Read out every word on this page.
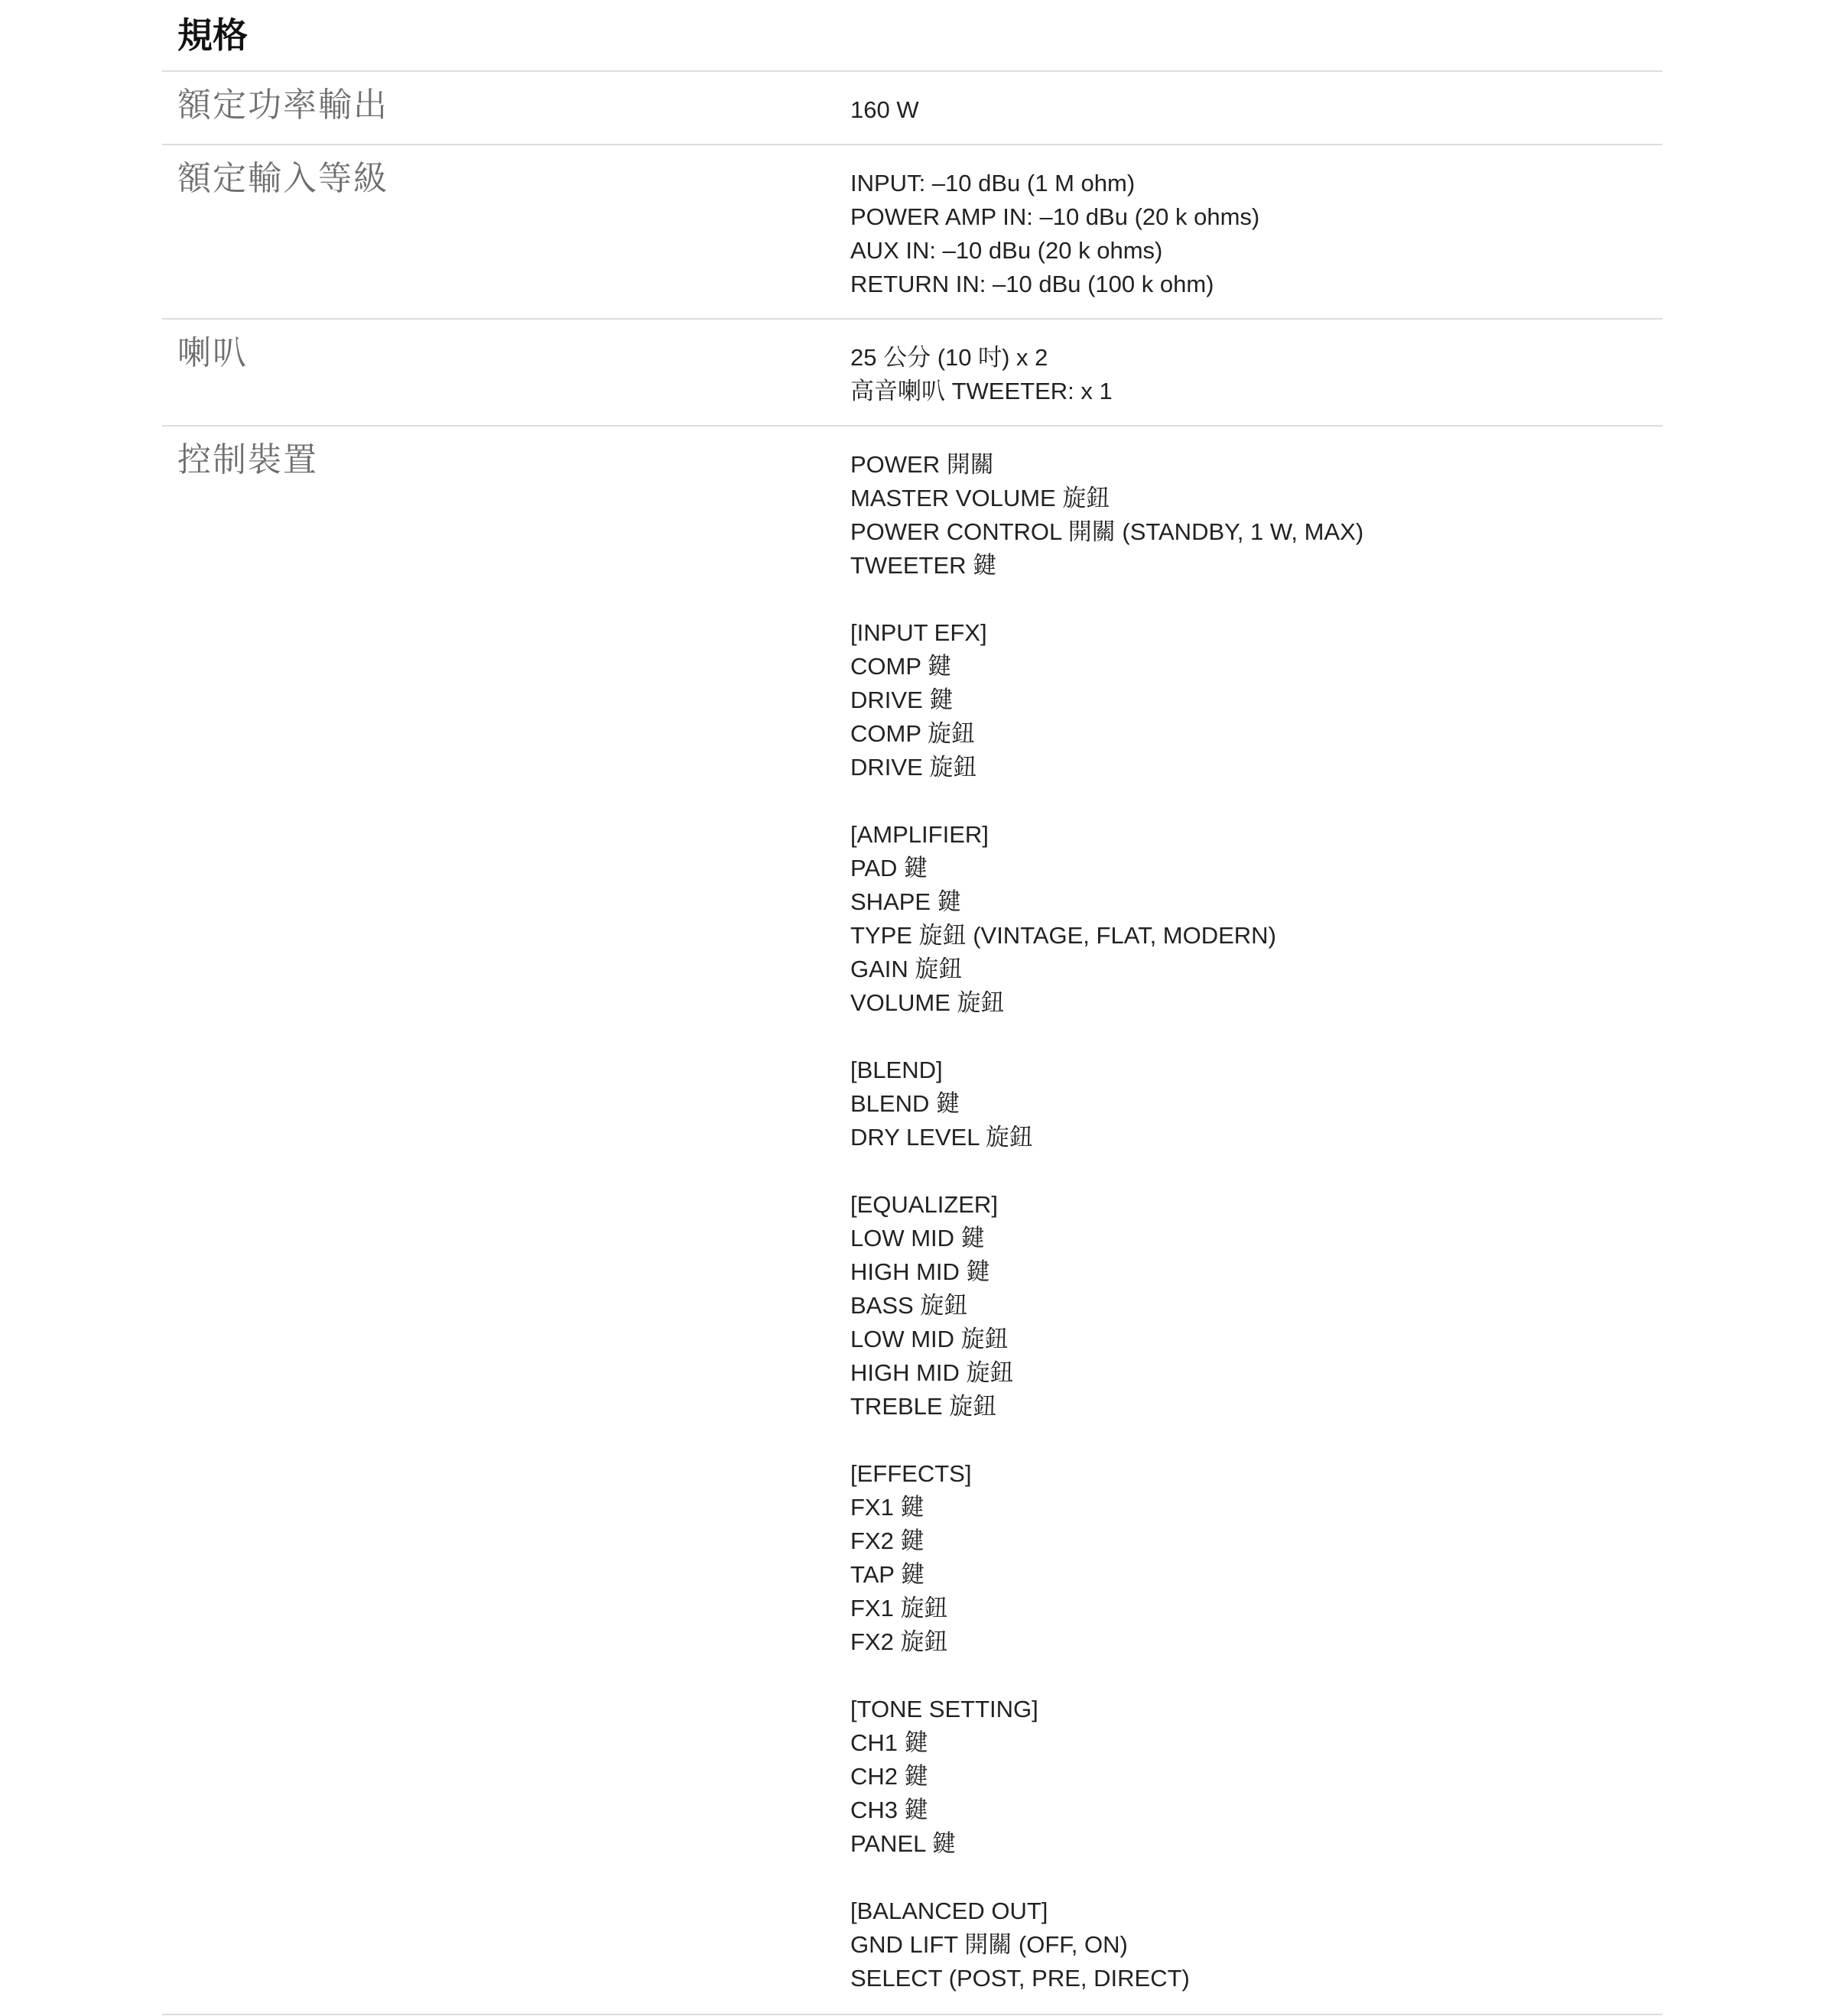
規格
額定功率輸出	160 W
額定輸入等級	INPUT: –10 dBu (1 M ohm)
POWER AMP IN: –10 dBu (20 k ohms)
AUX IN: –10 dBu (20 k ohms)
RETURN IN: –10 dBu (100 k ohm)
喇叭	25 公分 (10 吋) x 2
高音喇叭 TWEETER: x 1
控制裝置	POWER 開關
MASTER VOLUME 旋鈕
POWER CONTROL 開關 (STANDBY, 1 W, MAX)
TWEETER 鍵
[INPUT EFX]
COMP 鍵
DRIVE 鍵
COMP 旋鈕
DRIVE 旋鈕
[AMPLIFIER]
PAD 鍵
SHAPE 鍵
TYPE 旋鈕 (VINTAGE, FLAT, MODERN)
GAIN 旋鈕
VOLUME 旋鈕
[BLEND]
BLEND 鍵
DRY LEVEL 旋鈕
[EQUALIZER]
LOW MID 鍵
HIGH MID 鍵
BASS 旋鈕
LOW MID 旋鈕
HIGH MID 旋鈕
TREBLE 旋鈕
[EFFECTS]
FX1 鍵
FX2 鍵
TAP 鍵
FX1 旋鈕
FX2 旋鈕
[TONE SETTING]
CH1 鍵
CH2 鍵
CH3 鍵
PANEL 鍵
[BALANCED OUT]
GND LIFT 開關 (OFF, ON)
SELECT (POST, PRE, DIRECT)
